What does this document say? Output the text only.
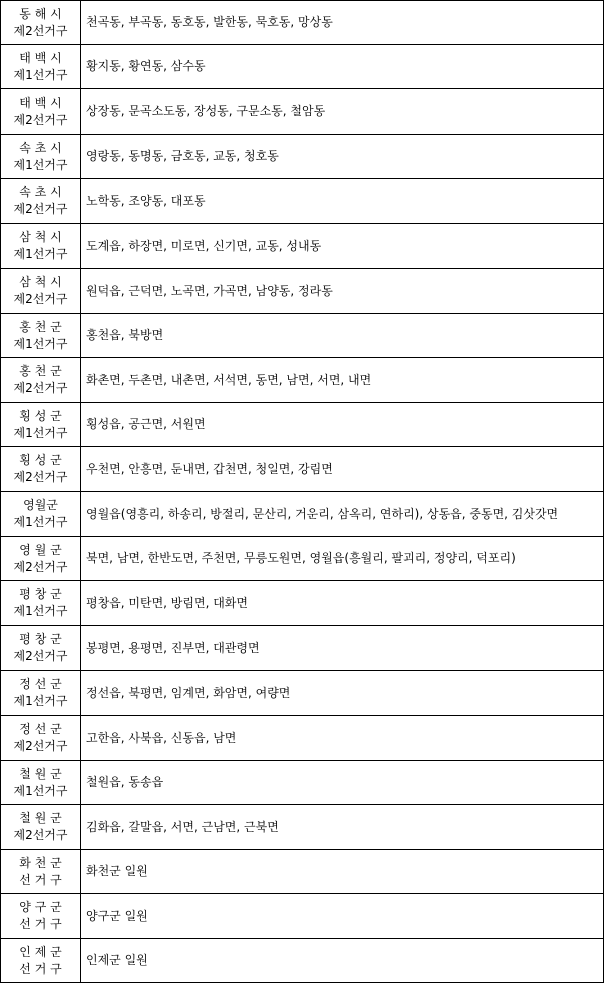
동 해 시
제2선거구	천곡동, 부곡동, 동호동, 발한동, 묵호동, 망상동

태 백 시
제1선거구	황지동, 황연동, 삼수동

태 백 시
제2선거구	상장동, 문곡소도동, 장성동, 구문소동, 철암동

속 초 시
제1선거구	영랑동, 동명동, 금호동, 교동, 청호동

속 초 시
제2선거구	노학동, 조양동, 대포동

삼 척 시
제1선거구	도계읍, 하장면, 미로면, 신기면, 교동, 성내동

삼 척 시
제2선거구	원덕읍, 근덕면, 노곡면, 가곡면, 남양동, 정라동

홍 천 군
제1선거구	홍천읍, 북방면

홍 천 군
제2선거구	화촌면, 두촌면, 내촌면, 서석면, 동면, 남면, 서면, 내면

횡 성 군
제1선거구	횡성읍, 공근면, 서원면

횡 성 군
제2선거구	우천면, 안흥면, 둔내면, 갑천면, 청일면, 강림면

영월군
제1선거구	영월읍(영흥리, 하송리, 방절리, 문산리, 거운리, 삼옥리, 연하리), 상동읍, 중동면, 김삿갓면

영 월 군
제2선거구	북면, 남면, 한반도면, 주천면, 무릉도원면, 영월읍(흥월리, 팔괴리, 정양리, 덕포리)

평 창 군
제1선거구	평창읍, 미탄면, 방림면, 대화면

평 창 군
제2선거구	봉평면, 용평면, 진부면, 대관령면

정 선 군
제1선거구	정선읍, 북평면, 임계면, 화암면, 여량면

정 선 군
제2선거구	고한읍, 사북읍, 신동읍, 남면

철 원 군
제1선거구	철원읍, 동송읍

철 원 군
제2선거구	김화읍, 갈말읍, 서면, 근남면, 근북면

화 천 군
선 거 구	화천군 일원

양 구 군
선 거 구	양구군 일원

인 제 군
선 거 구	인제군 일원
